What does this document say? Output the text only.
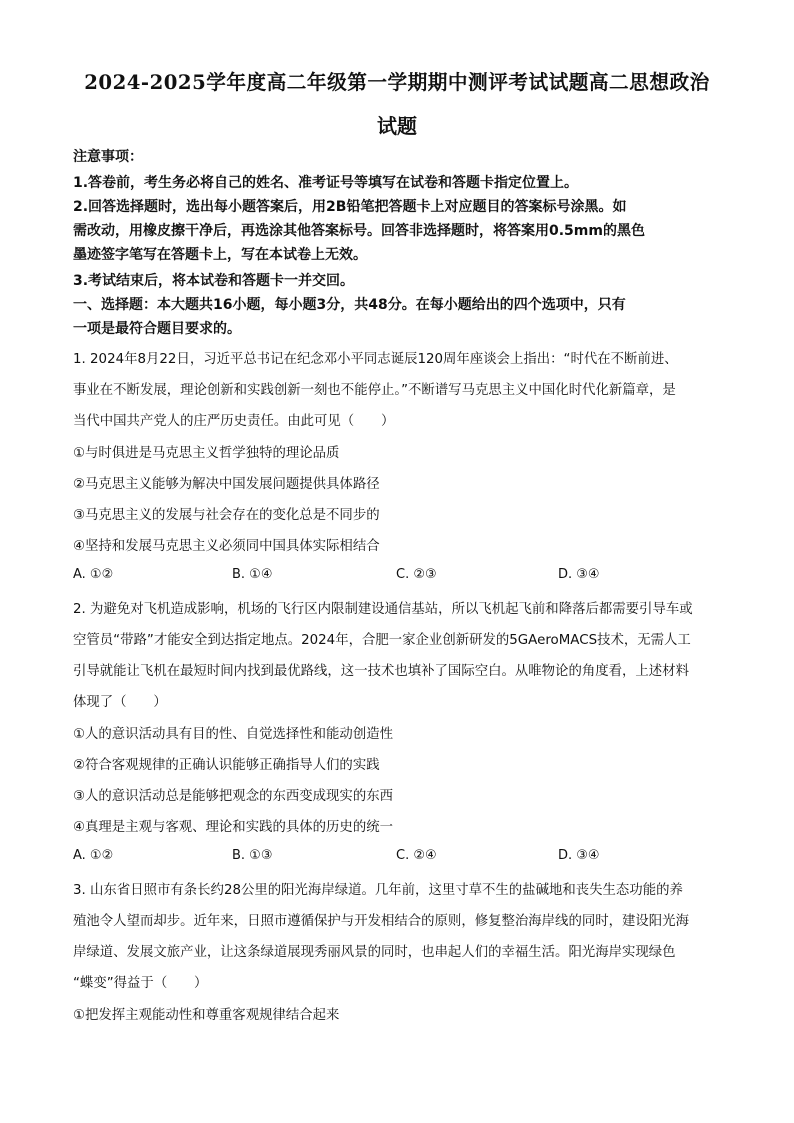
2024-2025学年度高二年级第一学期期中测评考试试题高二思想政治
试题
注意事项：
1.答卷前，考生务必将自己的姓名、准考证号等填写在试卷和答题卡指定位置上。
2.回答选择题时，选出每小题答案后，用2B铅笔把答题卡上对应题目的答案标号涂黑。如
需改动，用橡皮擦干净后，再选涂其他答案标号。回答非选择题时，将答案用0.5mm的黑色
墨迹签字笔写在答题卡上，写在本试卷上无效。
3.考试结束后，将本试卷和答题卡一并交回。
一、选择题：本大题共16小题，每小题3分，共48分。在每小题给出的四个选项中，只有
一项是最符合题目要求的。
1. 2024年8月22日，习近平总书记在纪念邓小平同志诞辰120周年座谈会上指出：“时代在不断前进、
事业在不断发展，理论创新和实践创新一刻也不能停止。”不断谱写马克思主义中国化时代化新篇章，是
当代中国共产党人的庄严历史责任。由此可见（　　）
①与时俱进是马克思主义哲学独特的理论品质
②马克思主义能够为解决中国发展问题提供具体路径
③马克思主义的发展与社会存在的变化总是不同步的
④坚持和发展马克思主义必须同中国具体实际相结合
A. ①②	B. ①④	C. ②③	D. ③④
2. 为避免对飞机造成影响，机场的飞行区内限制建设通信基站，所以飞机起飞前和降落后都需要引导车或
空管员“带路”才能安全到达指定地点。2024年，合肥一家企业创新研发的5GAeroMACS技术，无需人工
引导就能让飞机在最短时间内找到最优路线，这一技术也填补了国际空白。从唯物论的角度看，上述材料
体现了（　　）
①人的意识活动具有目的性、自觉选择性和能动创造性
②符合客观规律的正确认识能够正确指导人们的实践
③人的意识活动总是能够把观念的东西变成现实的东西
④真理是主观与客观、理论和实践的具体的历史的统一
A. ①②	B. ①③	C. ②④	D. ③④
3. 山东省日照市有条长约28公里的阳光海岸绿道。几年前，这里寸草不生的盐碱地和丧失生态功能的养
殖池令人望而却步。近年来，日照市遵循保护与开发相结合的原则，修复整治海岸线的同时，建设阳光海
岸绿道、发展文旅产业，让这条绿道展现秀丽风景的同时，也串起人们的幸福生活。阳光海岸实现绿色
“蝶变”得益于（　　）
①把发挥主观能动性和尊重客观规律结合起来
